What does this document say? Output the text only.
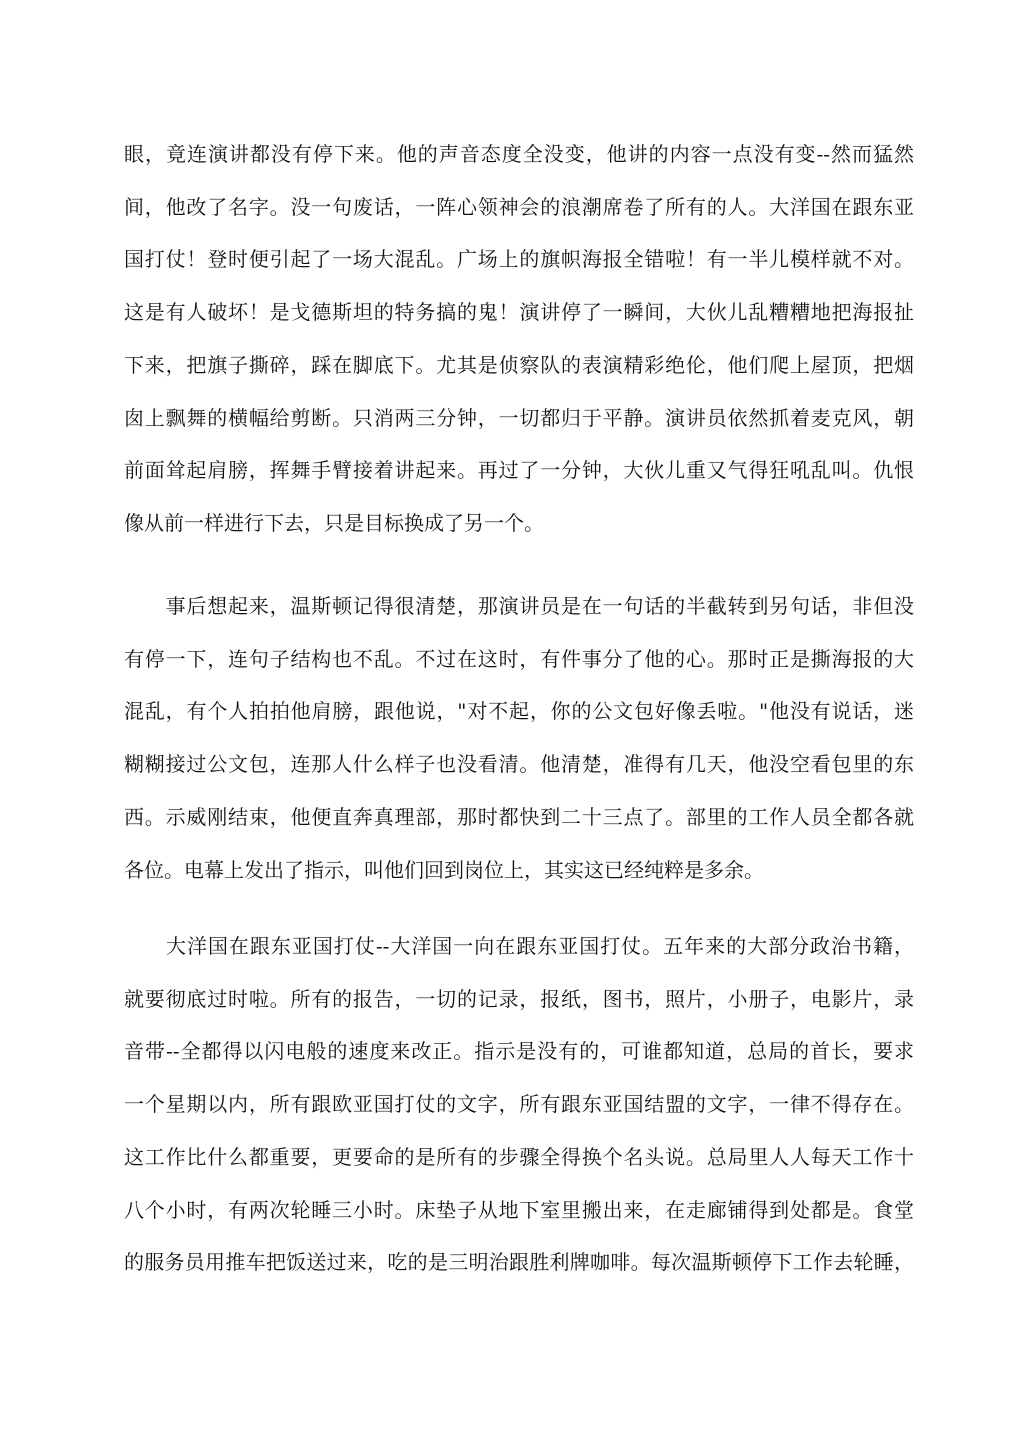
眼，竟连演讲都没有停下来。他的声音态度全没变，他讲的内容一点没有变--然而猛然
间，他改了名字。没一句废话，一阵心领神会的浪潮席卷了所有的人。大洋国在跟东亚
国打仗！登时便引起了一场大混乱。广场上的旗帜海报全错啦！有一半儿模样就不对。
这是有人破坏！是戈德斯坦的特务搞的鬼！演讲停了一瞬间，大伙儿乱糟糟地把海报扯
下来，把旗子撕碎，踩在脚底下。尤其是侦察队的表演精彩绝伦，他们爬上屋顶，把烟
囱上飘舞的横幅给剪断。只消两三分钟，一切都归于平静。演讲员依然抓着麦克风，朝
前面耸起肩膀，挥舞手臂接着讲起来。再过了一分钟，大伙儿重又气得狂吼乱叫。仇恨
像从前一样进行下去，只是目标换成了另一个。
　　事后想起来，温斯顿记得很清楚，那演讲员是在一句话的半截转到另句话，非但没
有停一下，连句子结构也不乱。不过在这时，有件事分了他的心。那时正是撕海报的大
混乱，有个人拍拍他肩膀，跟他说，"对不起，你的公文包好像丢啦。"他没有说话，迷
糊糊接过公文包，连那人什么样子也没看清。他清楚，准得有几天，他没空看包里的东
西。示威刚结束，他便直奔真理部，那时都快到二十三点了。部里的工作人员全都各就
各位。电幕上发出了指示，叫他们回到岗位上，其实这已经纯粹是多余。
　　大洋国在跟东亚国打仗--大洋国一向在跟东亚国打仗。五年来的大部分政治书籍，
就要彻底过时啦。所有的报告，一切的记录，报纸，图书，照片，小册子，电影片，录
音带--全都得以闪电般的速度来改正。指示是没有的，可谁都知道，总局的首长，要求
一个星期以内，所有跟欧亚国打仗的文字，所有跟东亚国结盟的文字，一律不得存在。
这工作比什么都重要，更要命的是所有的步骤全得换个名头说。总局里人人每天工作十
八个小时，有两次轮睡三小时。床垫子从地下室里搬出来，在走廊铺得到处都是。食堂
的服务员用推车把饭送过来，吃的是三明治跟胜利牌咖啡。每次温斯顿停下工作去轮睡，
